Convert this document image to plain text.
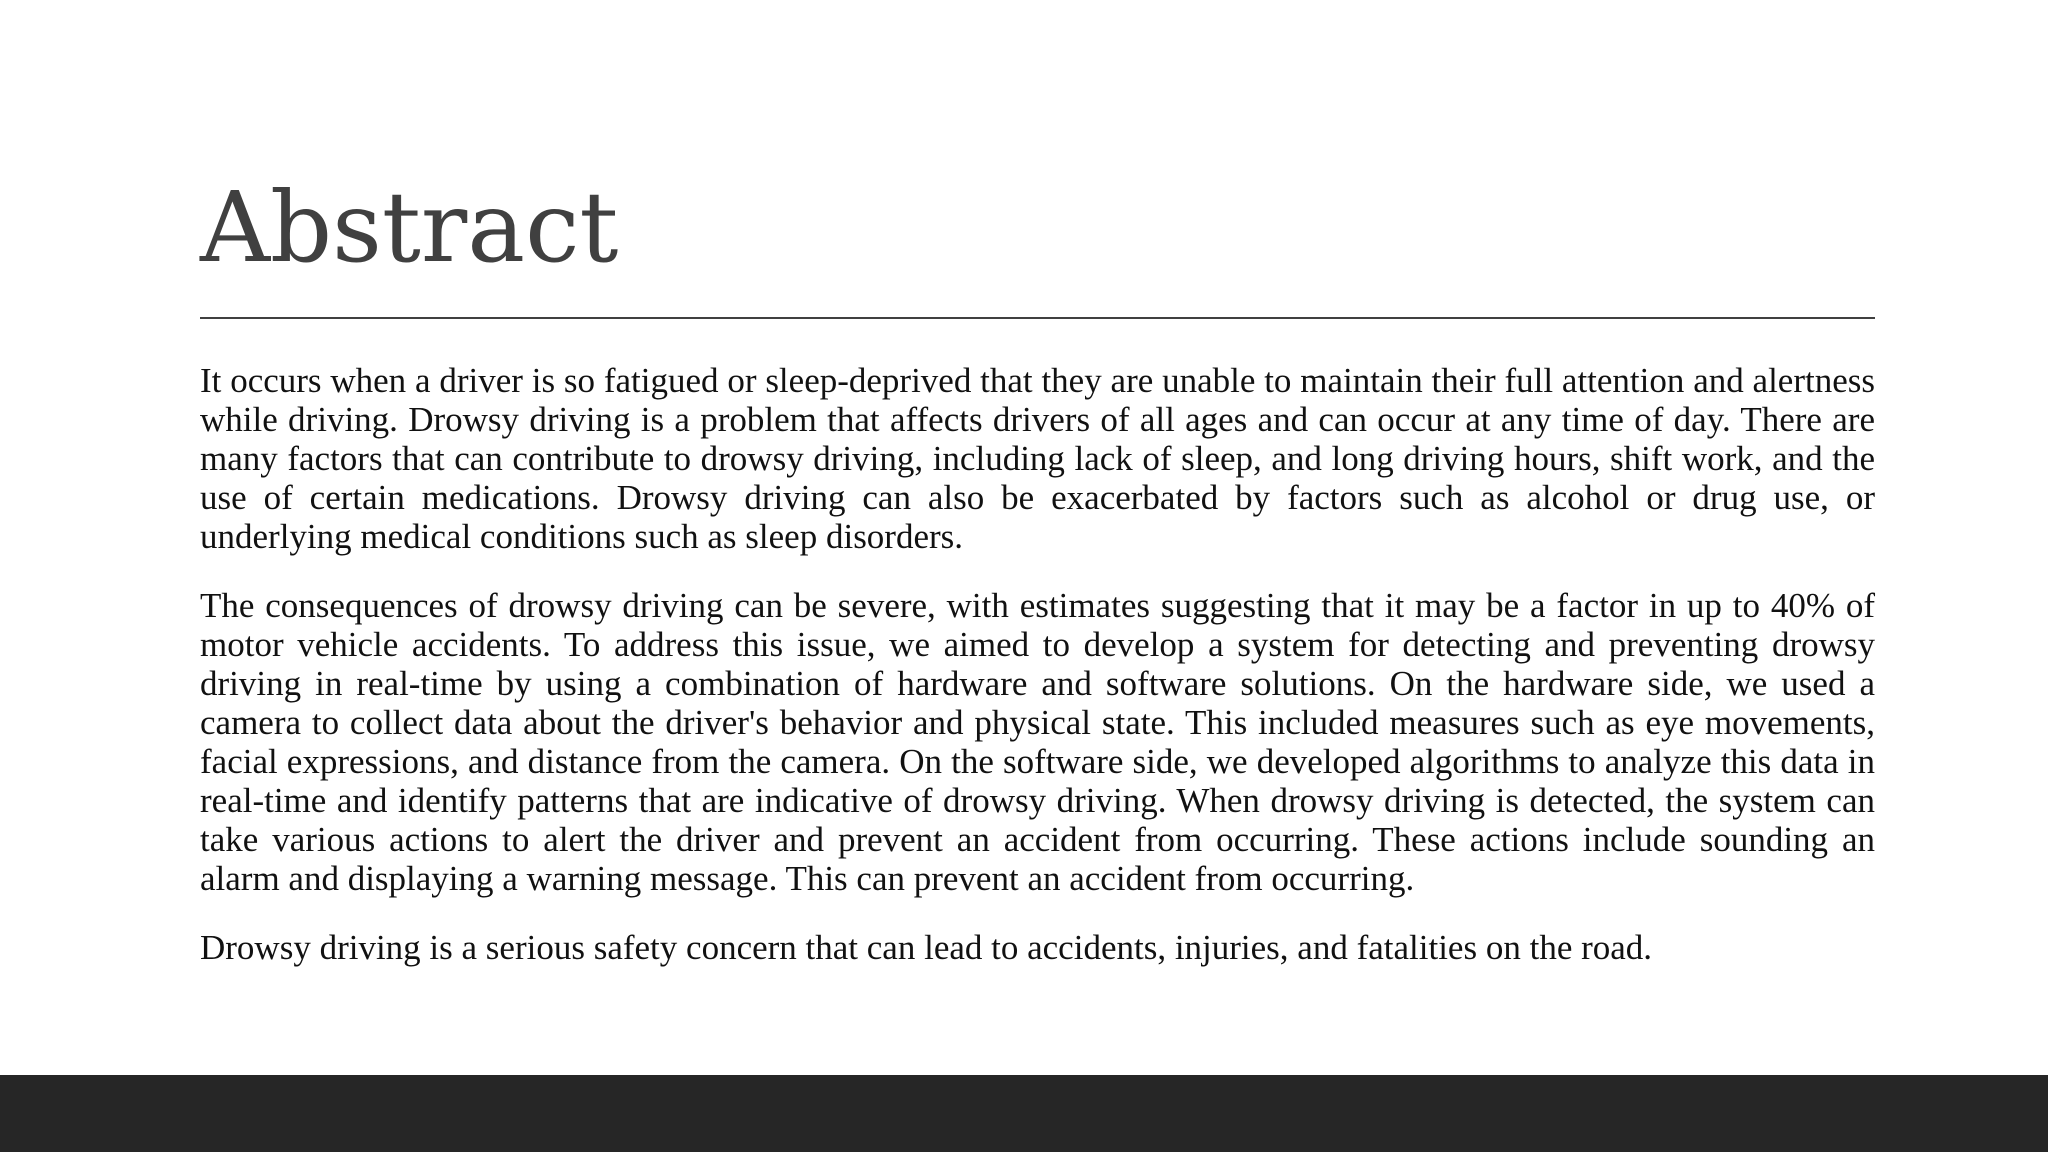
Abstract

It occurs when a driver is so fatigued or sleep-deprived that they are unable to maintain their full attention and alertness while driving. Drowsy driving is a problem that affects drivers of all ages and can occur at any time of day. There are many factors that can contribute to drowsy driving, including lack of sleep, and long driving hours, shift work, and the use of certain medications. Drowsy driving can also be exacerbated by factors such as alcohol or drug use, or underlying medical conditions such as sleep disorders.

The consequences of drowsy driving can be severe, with estimates suggesting that it may be a factor in up to 40% of motor vehicle accidents. To address this issue, we aimed to develop a system for detecting and preventing drowsy driving in real-time by using a combination of hardware and software solutions. On the hardware side, we used a camera to collect data about the driver's behavior and physical state. This included measures such as eye movements, facial expressions, and distance from the camera. On the software side, we developed algorithms to analyze this data in real-time and identify patterns that are indicative of drowsy driving. When drowsy driving is detected, the system can take various actions to alert the driver and prevent an accident from occurring. These actions include sounding an alarm and displaying a warning message. This can prevent an accident from occurring.

Drowsy driving is a serious safety concern that can lead to accidents, injuries, and fatalities on the road.
